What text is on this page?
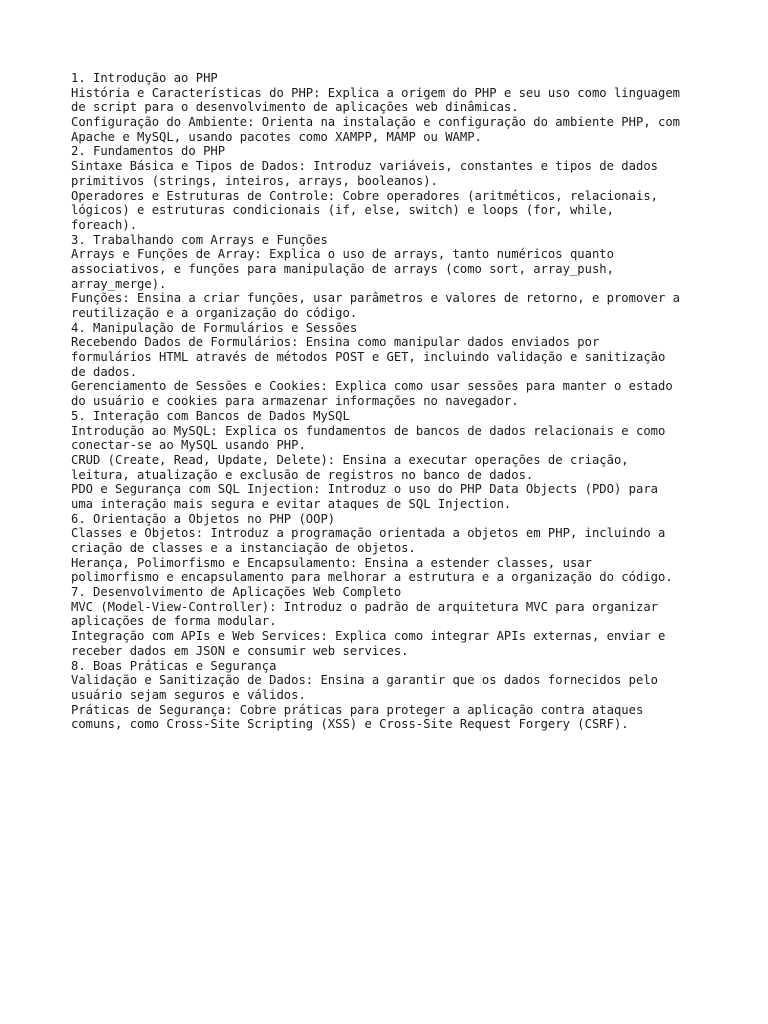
1. Introdução ao PHP
História e Características do PHP: Explica a origem do PHP e seu uso como linguagem
de script para o desenvolvimento de aplicações web dinâmicas.
Configuração do Ambiente: Orienta na instalação e configuração do ambiente PHP, com
Apache e MySQL, usando pacotes como XAMPP, MAMP ou WAMP.
2. Fundamentos do PHP
Sintaxe Básica e Tipos de Dados: Introduz variáveis, constantes e tipos de dados
primitivos (strings, inteiros, arrays, booleanos).
Operadores e Estruturas de Controle: Cobre operadores (aritméticos, relacionais,
lógicos) e estruturas condicionais (if, else, switch) e loops (for, while,
foreach).
3. Trabalhando com Arrays e Funções
Arrays e Funções de Array: Explica o uso de arrays, tanto numéricos quanto
associativos, e funções para manipulação de arrays (como sort, array_push,
array_merge).
Funções: Ensina a criar funções, usar parâmetros e valores de retorno, e promover a
reutilização e a organização do código.
4. Manipulação de Formulários e Sessões
Recebendo Dados de Formulários: Ensina como manipular dados enviados por
formulários HTML através de métodos POST e GET, incluindo validação e sanitização
de dados.
Gerenciamento de Sessões e Cookies: Explica como usar sessões para manter o estado
do usuário e cookies para armazenar informações no navegador.
5. Interação com Bancos de Dados MySQL
Introdução ao MySQL: Explica os fundamentos de bancos de dados relacionais e como
conectar-se ao MySQL usando PHP.
CRUD (Create, Read, Update, Delete): Ensina a executar operações de criação,
leitura, atualização e exclusão de registros no banco de dados.
PDO e Segurança com SQL Injection: Introduz o uso do PHP Data Objects (PDO) para
uma interação mais segura e evitar ataques de SQL Injection.
6. Orientação a Objetos no PHP (OOP)
Classes e Objetos: Introduz a programação orientada a objetos em PHP, incluindo a
criação de classes e a instanciação de objetos.
Herança, Polimorfismo e Encapsulamento: Ensina a estender classes, usar
polimorfismo e encapsulamento para melhorar a estrutura e a organização do código.
7. Desenvolvimento de Aplicações Web Completo
MVC (Model-View-Controller): Introduz o padrão de arquitetura MVC para organizar
aplicações de forma modular.
Integração com APIs e Web Services: Explica como integrar APIs externas, enviar e
receber dados em JSON e consumir web services.
8. Boas Práticas e Segurança
Validação e Sanitização de Dados: Ensina a garantir que os dados fornecidos pelo
usuário sejam seguros e válidos.
Práticas de Segurança: Cobre práticas para proteger a aplicação contra ataques
comuns, como Cross-Site Scripting (XSS) e Cross-Site Request Forgery (CSRF).
